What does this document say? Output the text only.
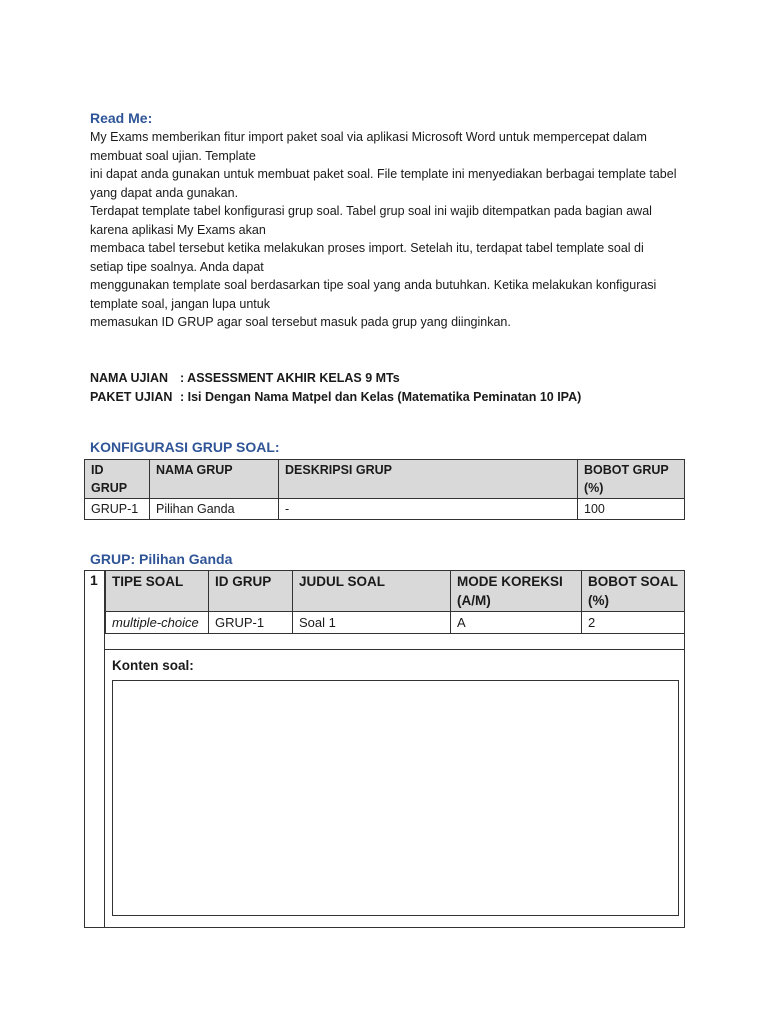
Read Me:

My Exams memberikan fitur import paket soal via aplikasi Microsoft Word untuk mempercepat dalam membuat soal ujian. Template

ini dapat anda gunakan untuk membuat paket soal. File template ini menyediakan berbagai template tabel yang dapat anda gunakan.

Terdapat template tabel konfigurasi grup soal. Tabel grup soal ini wajib ditempatkan pada bagian awal karena aplikasi My Exams akan

membaca tabel tersebut ketika melakukan proses import. Setelah itu, terdapat tabel template soal di setiap tipe soalnya. Anda dapat

menggunakan template soal berdasarkan tipe soal yang anda butuhkan. Ketika melakukan konfigurasi template soal, jangan lupa untuk

memasukan ID GRUP agar soal tersebut masuk pada grup yang diinginkan.

NAMA UJIAN : ASSESSMENT AKHIR KELAS 9 MTs
PAKET UJIAN : Isi Dengan Nama Matpel dan Kelas (Matematika Peminatan 10 IPA)
KONFIGURASI GRUP SOAL:
ID GRUP	NAMA GRUP	DESKRIPSI GRUP	BOBOT GRUP (%)
GRUP-1	Pilihan Ganda	-	100
GRUP: Pilihan Ganda
1	TIPE SOAL	ID GRUP	JUDUL SOAL	MODE KOREKSI (A/M)	BOBOT SOAL (%)
multiple-choice	GRUP-1	Soal 1	A	2
Konten soal:
